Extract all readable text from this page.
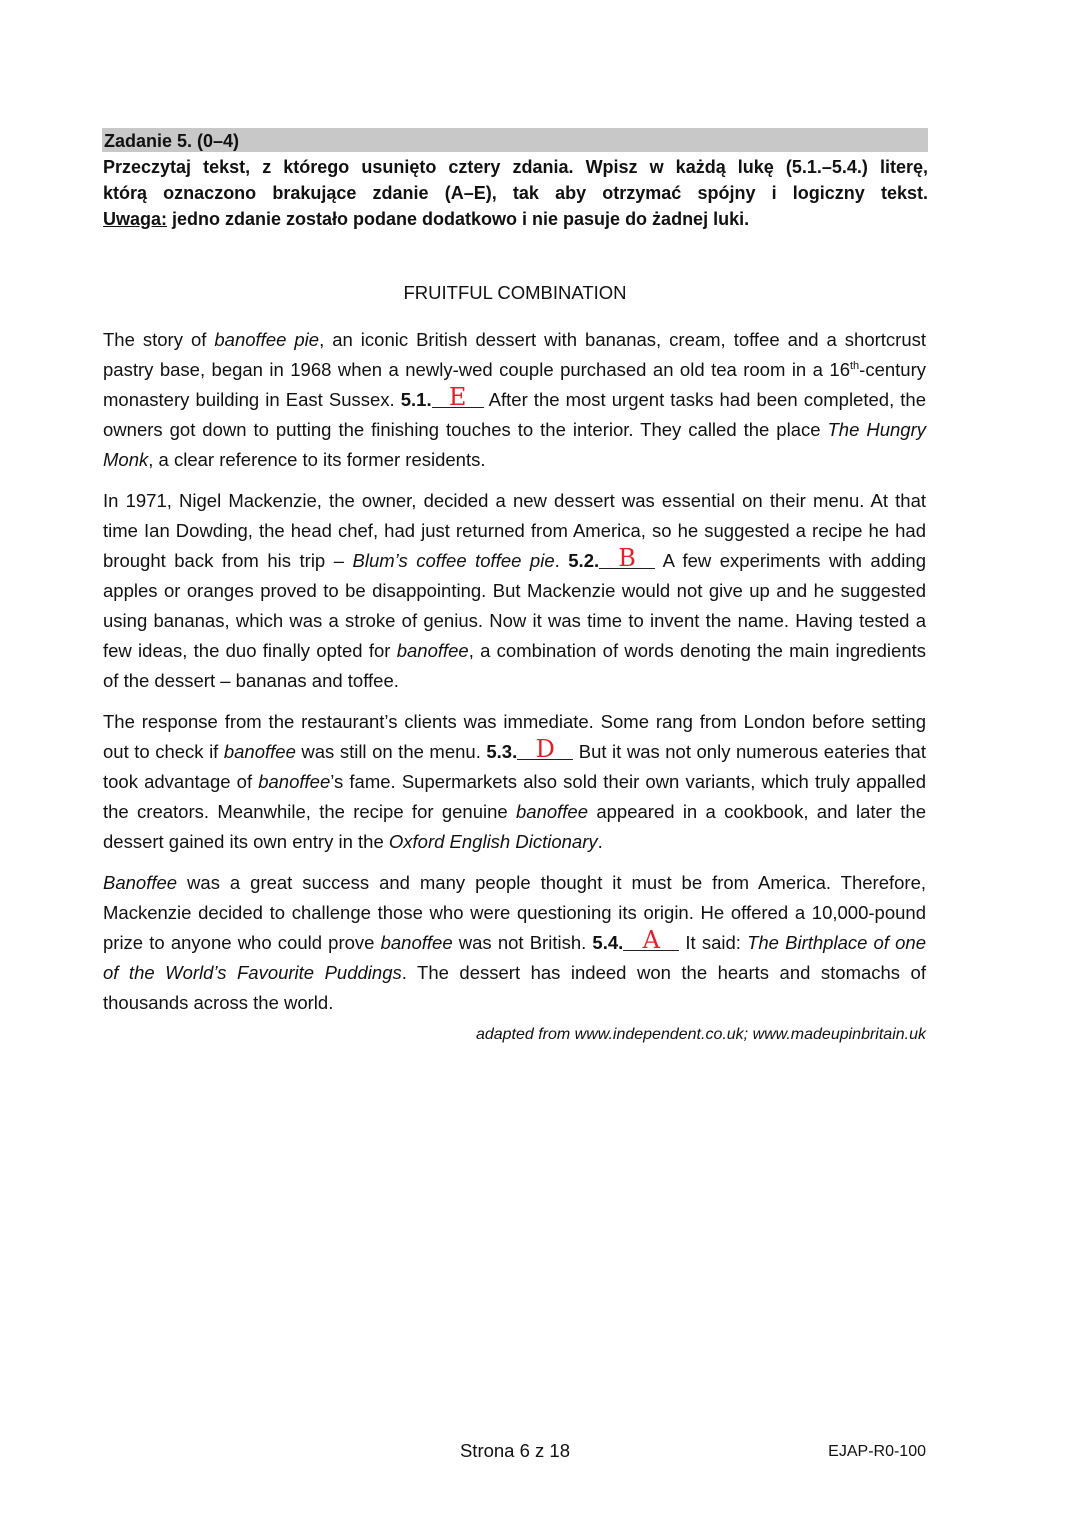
Zadanie 5. (0–4)

Przeczytaj tekst, z którego usunięto cztery zdania. Wpisz w każdą lukę (5.1.–5.4.) literę,

którą oznaczono brakujące zdanie (A–E), tak aby otrzymać spójny i logiczny tekst.

Uwaga: jedno zdanie zostało podane dodatkowo i nie pasuje do żadnej luki.

FRUITFUL COMBINATION

The story of banoffee pie, an iconic British dessert with bananas, cream, toffee and a shortcrust pastry base, began in 1968 when a newly-wed couple purchased an old tea room in a 16th-century monastery building in East Sussex. 5.1. E After the most urgent tasks had been completed, the owners got down to putting the finishing touches to the interior. They called the place The Hungry Monk, a clear reference to its former residents.

In 1971, Nigel Mackenzie, the owner, decided a new dessert was essential on their menu. At that time Ian Dowding, the head chef, had just returned from America, so he suggested a recipe he had brought back from his trip – Blum’s coffee toffee pie. 5.2. B	A few experiments with adding apples or oranges proved to be disappointing. But Mackenzie would not give up and he suggested using bananas, which was a stroke of genius. Now it was time to invent the name. Having tested a few ideas, the duo finally opted for banoffee, a combination of words denoting the main ingredients of the dessert – bananas and toffee.

The response from the restaurant’s clients was immediate. Some rang from London before setting out to check if banoffee was still on the menu. 5.3. D But it was not only numerous eateries that took advantage of banoffee’s fame. Supermarkets also sold their own variants, which truly appalled the creators. Meanwhile, the recipe for genuine banoffee appeared in a cookbook, and later the dessert gained its own entry in the Oxford English Dictionary.

Banoffee was a great success and many people thought it must be from America. Therefore, Mackenzie decided to challenge those who were questioning its origin. He offered a 10,000-pound prize to anyone who could prove banoffee was not British. 5.4. A	It said: The Birthplace of one of the World’s Favourite Puddings. The dessert has indeed won the hearts and stomachs of thousands across the world.

adapted from www.independent.co.uk; www.madeupinbritain.uk
Strona 6 z 18	EJAP-R0-100
